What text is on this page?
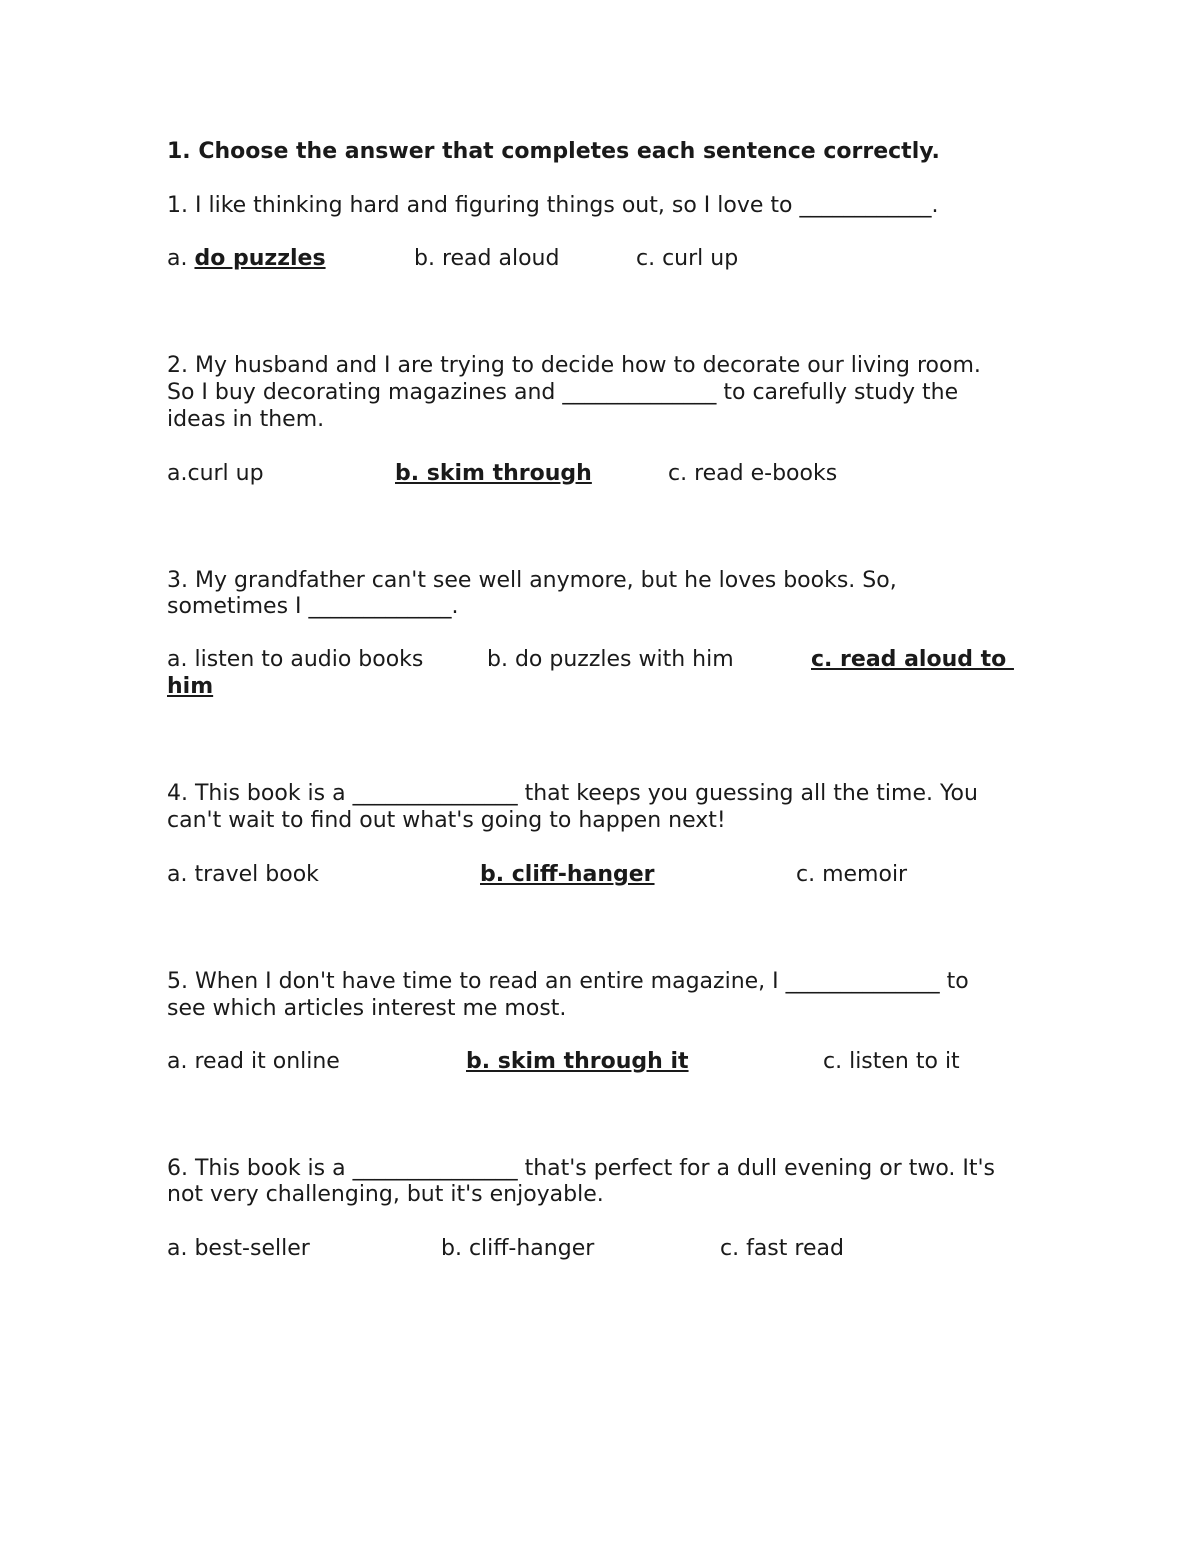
1. Choose the answer that completes each sentence correctly.
1. I like thinking hard and figuring things out, so I love to ____________.
a. do puzzles	b. read aloud	c. curl up
2. My husband and I are trying to decide how to decorate our living room.
So I buy decorating magazines and ______________ to carefully study the
ideas in them.
a.curl up	b. skim through	c. read e-books
3. My grandfather can't see well anymore, but he loves books. So,
sometimes I _____________.
a. listen to audio books	b. do puzzles with him	c. read aloud to
him
4. This book is a _______________ that keeps you guessing all the time. You
can't wait to find out what's going to happen next!
a. travel book	b. cliff-hanger	c. memoir
5. When I don't have time to read an entire magazine, I ______________ to
see which articles interest me most.
a. read it online	b. skim through it	c. listen to it
6. This book is a _______________ that's perfect for a dull evening or two. It's
not very challenging, but it's enjoyable.
a. best-seller	b. cliff-hanger	c. fast read
